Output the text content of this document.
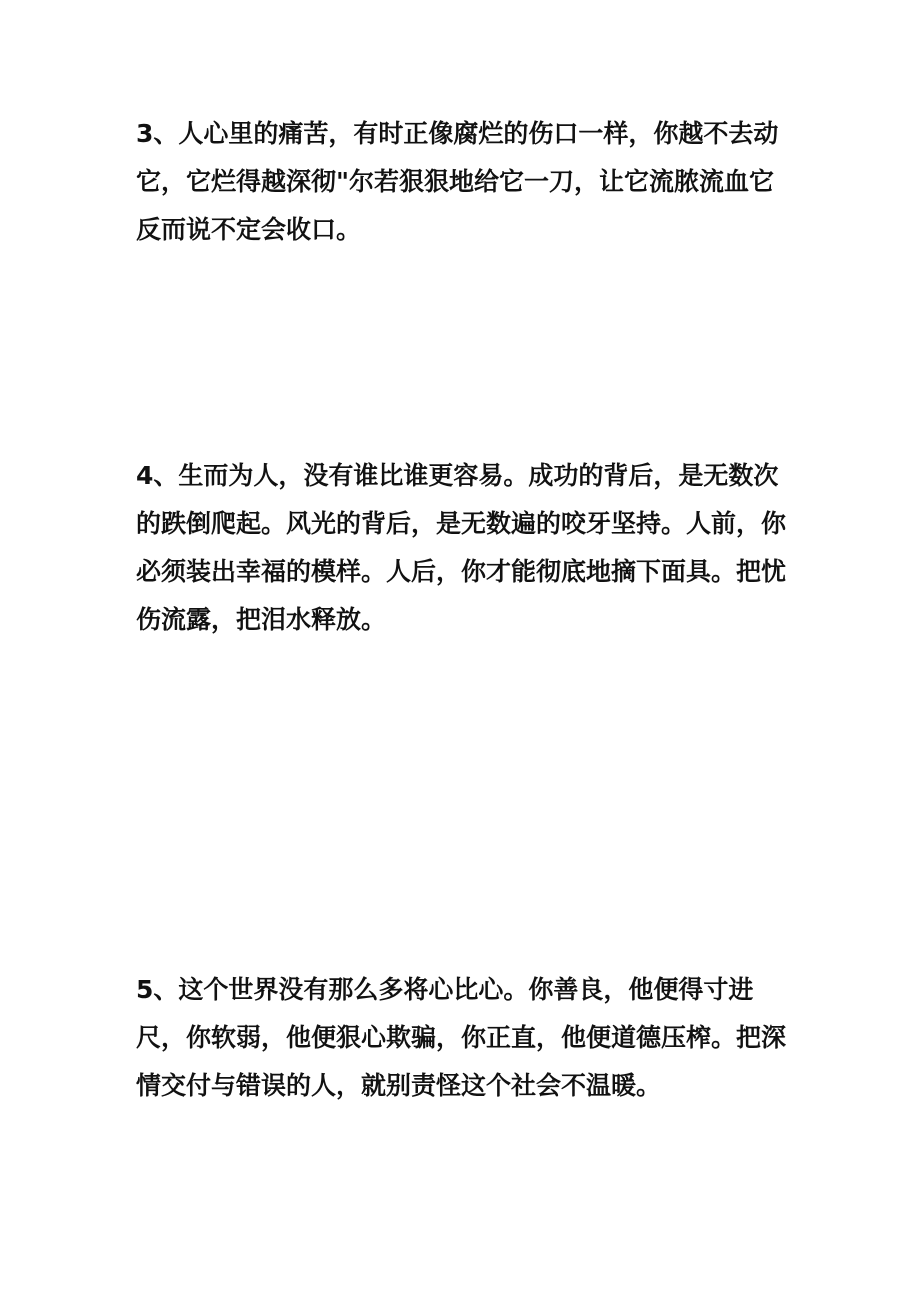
3、人心里的痛苦，有时正像腐烂的伤口一样，你越不去动它，它烂得越深彻"尔若狠狠地给它一刀，让它流脓流血它反而说不定会收口。

4、生而为人，没有谁比谁更容易。成功的背后，是无数次的跌倒爬起。风光的背后，是无数遍的咬牙坚持。人前，你必须装出幸福的模样。人后，你才能彻底地摘下面具。把忧伤流露，把泪水释放。

5、这个世界没有那么多将心比心。你善良，他便得寸进尺，你软弱，他便狠心欺骗，你正直，他便道德压榨。把深情交付与错误的人，就别责怪这个社会不温暖。
